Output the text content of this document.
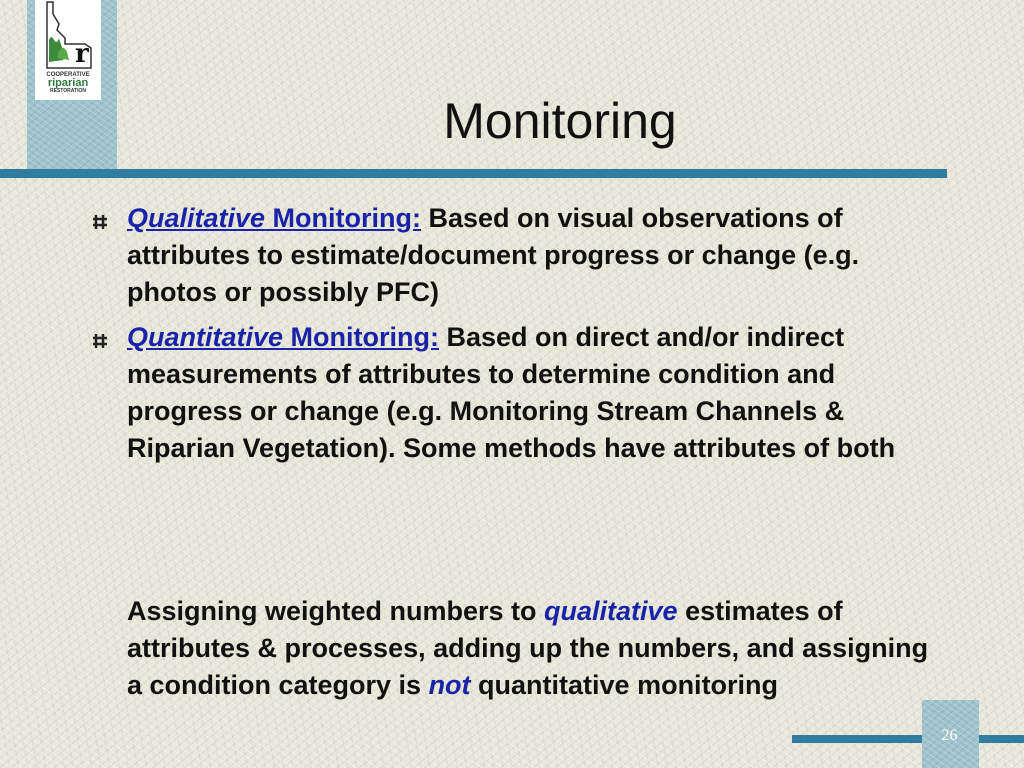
r
COOPERATIVE
riparian
RESTORATION
Monitoring
Qualitative Monitoring: Based on visual observations of attributes to estimate/document progress or change (e.g. photos or possibly PFC)
Quantitative Monitoring: Based on direct and/or indirect measurements of attributes to determine condition and progress or change (e.g. Monitoring Stream Channels & Riparian Vegetation). Some methods have attributes of both
Assigning weighted numbers to qualitative estimates of attributes & processes, adding up the numbers, and assigning a condition category is not quantitative monitoring
26
